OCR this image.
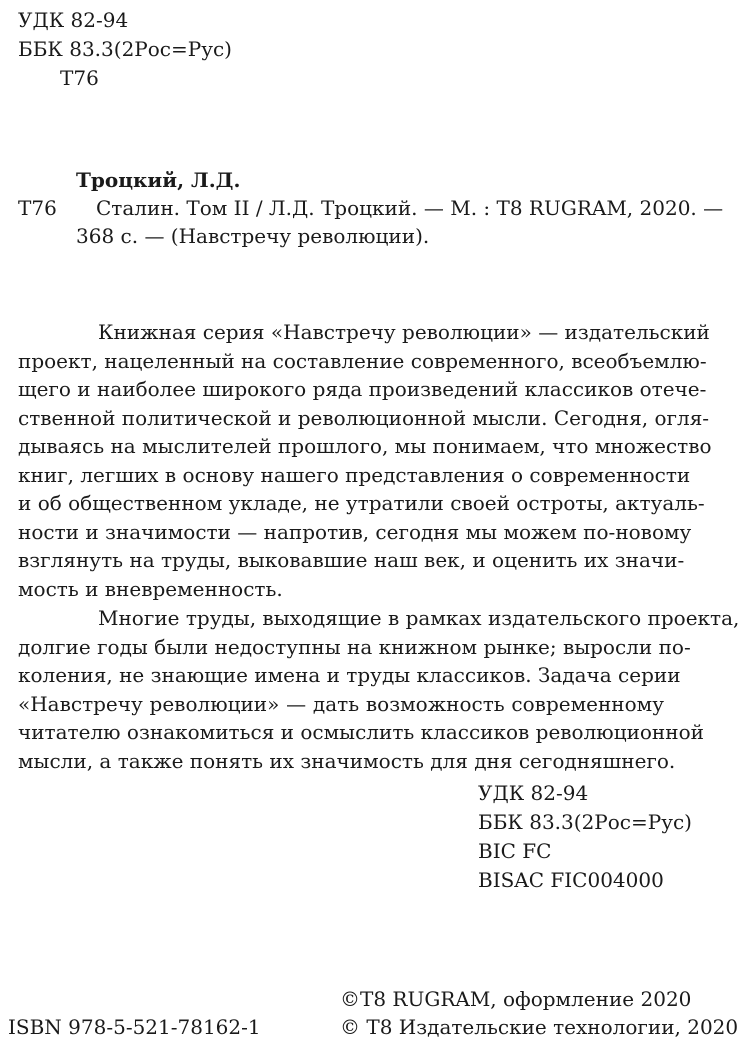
УДК 82-94
ББК 83.3(2Рос=Рус)
Т76
Троцкий, Л.Д.
Т76 Сталин. Том II / Л.Д. Троцкий. — М. : Т8 RUGRAM, 2020. —
368 с. — (Навстречу революции).
Книжная серия «Навстречу революции» — издательский
проект, нацеленный на составление современного, всеобъемлю-
щего и наиболее широкого ряда произведений классиков отече-
ственной политической и революционной мысли. Сегодня, огля-
дываясь на мыслителей прошлого, мы понимаем, что множество
книг, легших в основу нашего представления о современности
и об общественном укладе, не утратили своей остроты, актуаль-
ности и значимости — напротив, сегодня мы можем по-новому
взглянуть на труды, выковавшие наш век, и оценить их значи-
мость и вневременность.
Многие труды, выходящие в рамках издательского проекта,
долгие годы были недоступны на книжном рынке; выросли по-
коления, не знающие имена и труды классиков. Задача серии
«Навстречу революции» — дать возможность современному
читателю ознакомиться и осмыслить классиков революционной
мысли, а также понять их значимость для дня сегодняшнего.
УДК 82-94
ББК 83.3(2Рос=Рус)
BIC FC
BISAC FIC004000
©Т8 RUGRAM, оформление 2020
ISBN 978-5-521-78162-1	© Т8 Издательские технологии, 2020
